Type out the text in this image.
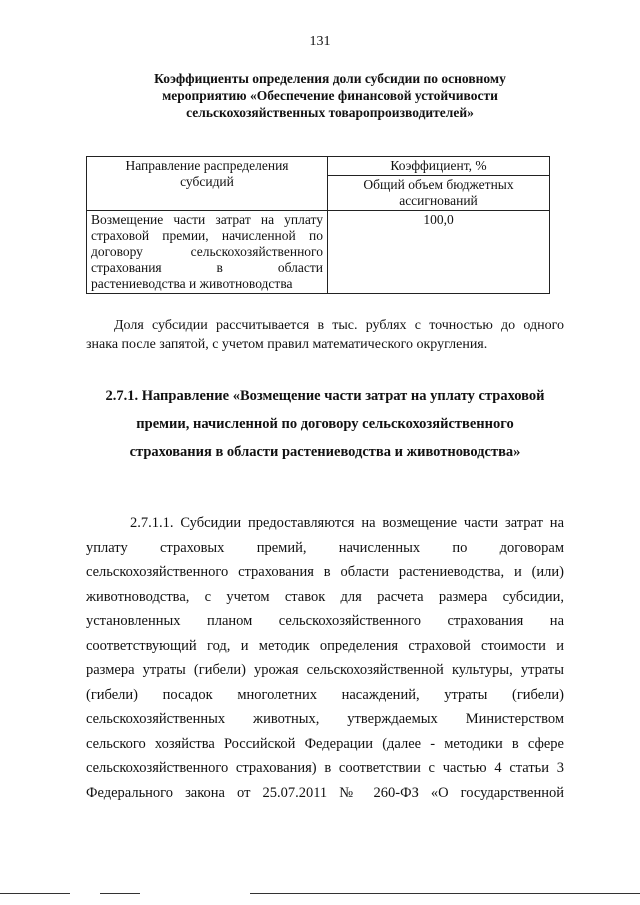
131
Коэффициенты определения доли субсидии по основному
мероприятию «Обеспечение финансовой устойчивости
сельскохозяйственных товаропроизводителей»
Направление распределения
субсидий	Коэффициент, %

	Общий объем бюджетных
ассигнований

Возмещение части затрат на уплату
страховой премии, начисленной по
договору сельскохозяйственного
страхования в области
растениеводства и животноводства	100,0
Доля субсидии рассчитывается в тыс. рублях с точностью до одного
знака после запятой, с учетом правил математического округления.
2.7.1. Направление «Возмещение части затрат на уплату страховой
премии, начисленной по договору сельскохозяйственного
страхования в области растениеводства и животноводства»
2.7.1.1. Субсидии предоставляются на возмещение части затрат на
уплату страховых премий, начисленных по договорам
сельскохозяйственного страхования в области растениеводства, и (или)
животноводства, с учетом ставок для расчета размера субсидии,
установленных планом сельскохозяйственного страхования на
соответствующий год, и методик определения страховой стоимости и
размера утраты (гибели) урожая сельскохозяйственной культуры, утраты
(гибели) посадок многолетних насаждений, утраты (гибели)
сельскохозяйственных животных, утверждаемых Министерством
сельского хозяйства Российской Федерации (далее - методики в сфере
сельскохозяйственного страхования) в соответствии с частью 4 статьи 3
Федерального закона от 25.07.2011 № 260-ФЗ «О государственной
